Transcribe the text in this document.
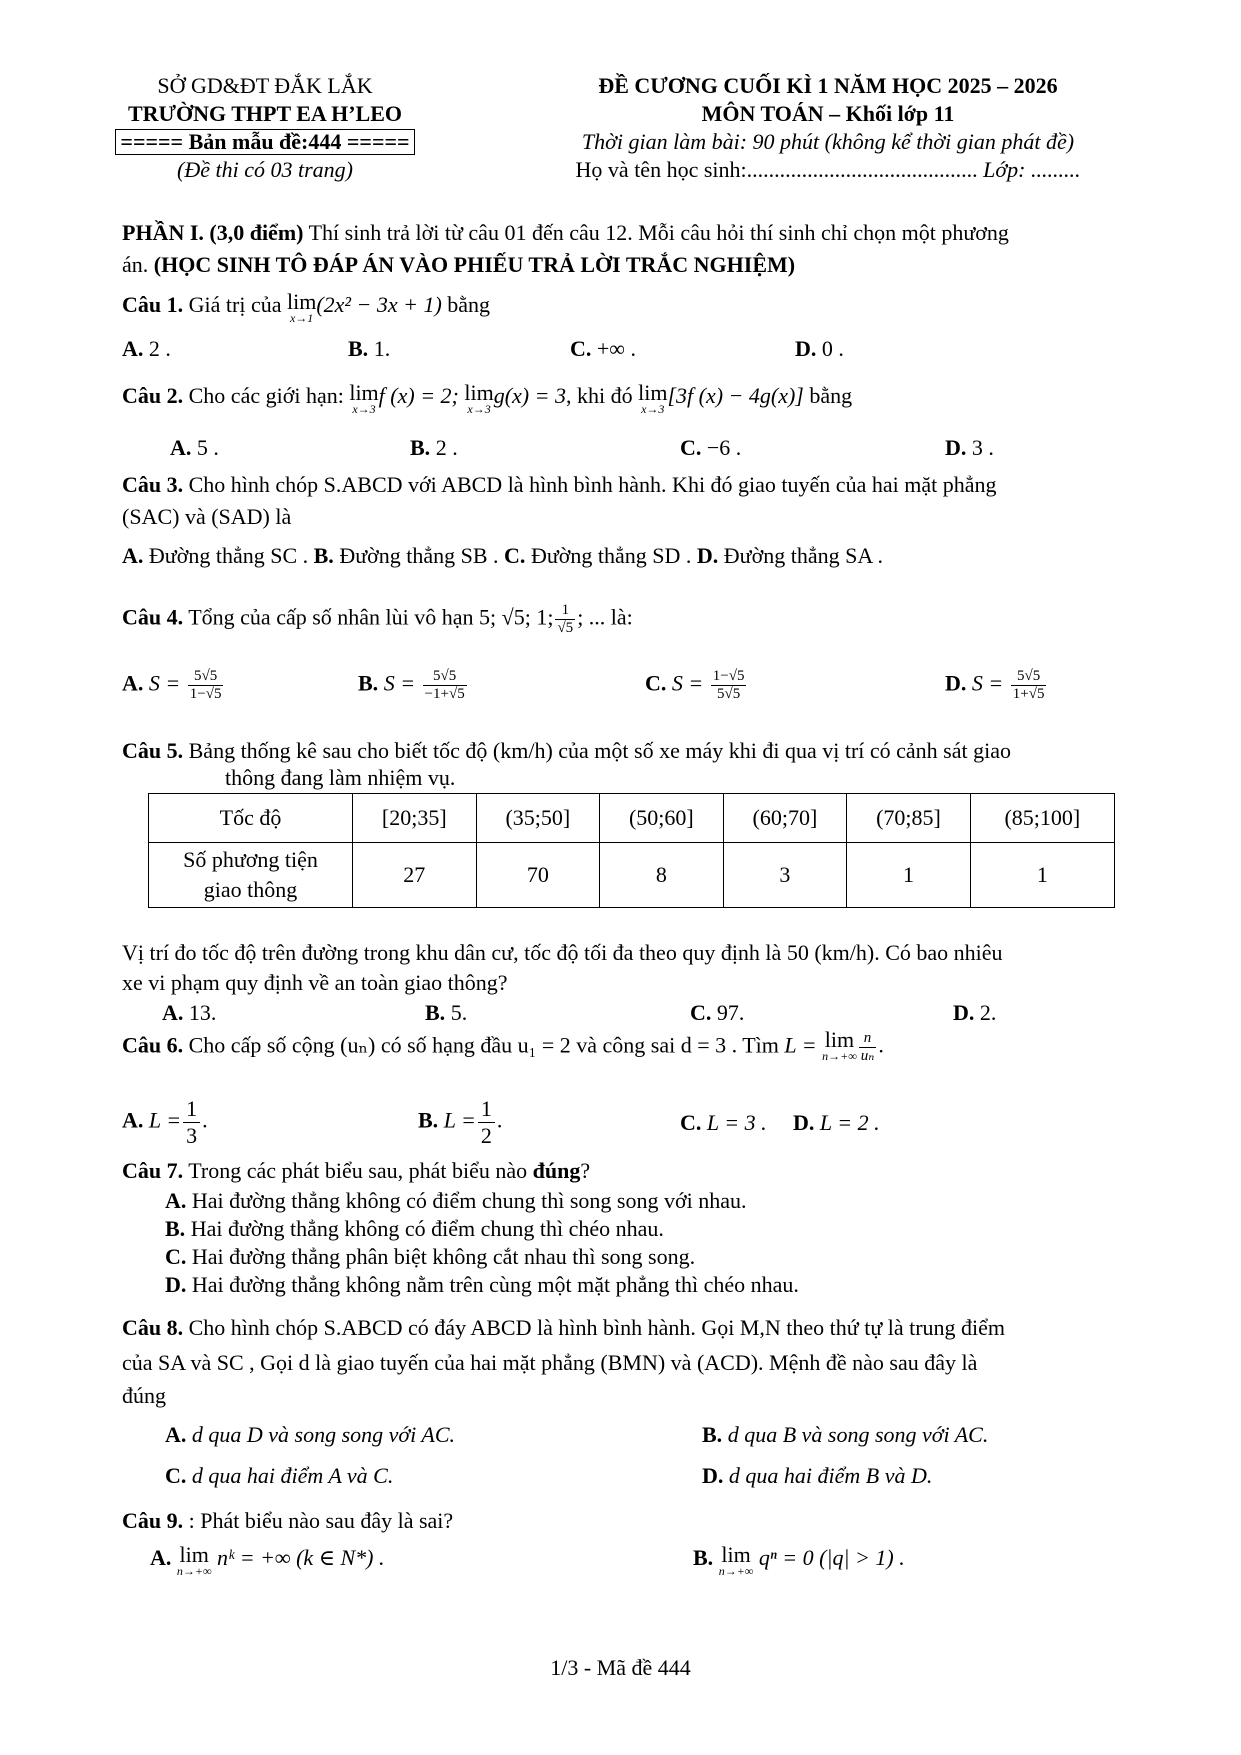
SỞ GD&ĐT ĐẮK LẮK
TRƯỜNG THPT EA H’LEO
===== Bản mẫu đề:444 =====
(Đề thi có 03 trang)
ĐỀ CƯƠNG CUỐI KÌ 1 NĂM HỌC 2025 – 2026
MÔN TOÁN – Khối lớp 11
Thời gian làm bài: 90 phút (không kể thời gian phát đề)
Họ và tên học sinh:.......................................... Lớp: .........
PHẦN I. (3,0 điểm) Thí sinh trả lời từ câu 01 đến câu 12. Mỗi câu hỏi thí sinh chỉ chọn một phương
án. (HỌC SINH TÔ ĐÁP ÁN VÀO PHIẾU TRẢ LỜI TRẮC NGHIỆM)
Câu 1. Giá trị của lim
x→1
(2x² − 3x + 1) bằng
A. 2 .	B. 1.	C. +∞ .	D. 0 .
Câu 2. Cho các giới hạn: lim
x→3
f (x) = 2; lim
x→3
g(x) = 3, khi đó lim
x→3
[3f (x) − 4g(x)] bằng
A. 5 .	B. 2 .	C. −6 .	D. 3 .
Câu 3. Cho hình chóp S.ABCD với ABCD là hình bình hành. Khi đó giao tuyến của hai mặt phẳng
(SAC) và (SAD) là
A. Đường thẳng SC . B. Đường thẳng SB . C. Đường thẳng SD . D. Đường thẳng SA .
Câu 4. Tổng của cấp số nhân lùi vô hạn 5; √5; 1; $\frac{1}{√5}$ ; ... là:
A. $S = \frac{5√5}{1-√5}$	B. $S = \frac{5√5}{-1+√5}$	C. $S = \frac{1-√5}{5√5}$	D. $S = \frac{5√5}{1+√5}$
Câu 5. Bảng thống kê sau cho biết tốc độ (km/h) của một số xe máy khi đi qua vị trí có cảnh sát giao
thông đang làm nhiệm vụ.
Tốc độ	[20;35]	(35;50]	(50;60]	(60;70]	(70;85]	(85;100]

Số phương tiện
giao thông	27	70	8	3	1	1
Vị trí đo tốc độ trên đường trong khu dân cư, tốc độ tối đa theo quy định là 50 (km/h). Có bao nhiêu
xe vi phạm quy định về an toàn giao thông?
A. 13.	B. 5.	C. 97.	D. 2.
Câu 6. Cho cấp số cộng (uₙ) có số hạng đầu u₁ = 2 và công sai d = 3 . Tìm L = lim
$n\to+\infty \frac{n}{\text{uₙ}}$ .
A. $L = \frac{1}{3}$ .	B. $L = \frac{1}{2}$ .	C. L = 3 . D. L = 2 .
Câu 7. Trong các phát biểu sau, phát biểu nào đúng?
A. Hai đường thẳng không có điểm chung thì song song với nhau.
B. Hai đường thẳng không có điểm chung thì chéo nhau.
C. Hai đường thẳng phân biệt không cắt nhau thì song song.
D. Hai đường thẳng không nằm trên cùng một mặt phẳng thì chéo nhau.
Câu 8. Cho hình chóp S.ABCD có đáy ABCD là hình bình hành. Gọi M,N theo thứ tự là trung điểm
của SA và SC , Gọi d là giao tuyến của hai mặt phẳng (BMN) và (ACD). Mệnh đề nào sau đây là
đúng
A. d qua D và song song với AC.	B. d qua B và song song với AC.
C. d qua hai điểm A và C.	D. d qua hai điểm B và D.
Câu 9. : Phát biểu nào sau đây là sai?
A. lim
n→+∞
nᵏ = +∞ (k ∈ N*) .	B. lim
n→+∞
qⁿ = 0 (|q| > 1) .
1/3 - Mã đề 444
